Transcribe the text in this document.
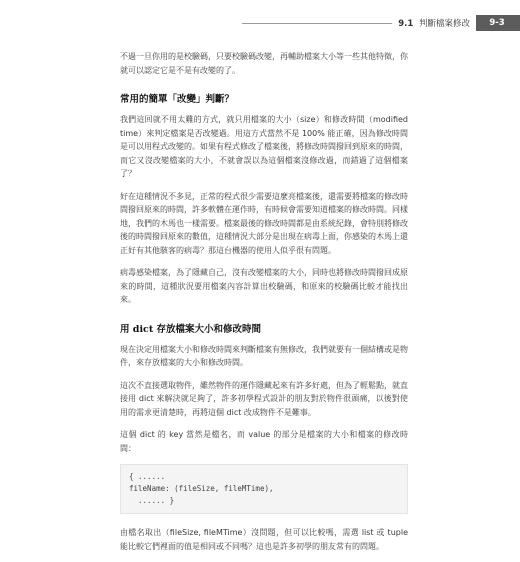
9.1 判斷檔案修改	9-3

不過一旦你用的是校驗碼，只要校驗碼改變，再輔助檔案大小等一些其他特徵，你就可以認定它是不是有改變的了。

常用的簡單「改變」判斷？

我們這回就不用太難的方式，就只用檔案的大小（size）和修改時間（modified time）來判定檔案是否改變過。用這方式當然不是 100% 能正確，因為修改時間是可以用程式改變的。如果有程式修改了檔案後，將修改時間撥回到原來的時間，而它又沒改變檔案的大小，不就會誤以為這個檔案沒修改過，而錯過了這個檔案了？

好在這種情況不多見，正常的程式很少需要這麼亮檔案後，還需要將檔案的修改時間撥回原來的時間，許多軟體在運作時，有時候會需要知道檔案的修改時間。同樣地，我們的木馬也一樣需要。檔案最後的修改時間都是由系統紀錄，會特別將修改後的時間撥回原來的數值，這種情況大部分是出現在病毒上面，你感染的木馬上還正好有其他駭客的病毒？那這台機器的使用人似乎很有問題。

病毒感染檔案，為了隱藏自己，沒有改變檔案的大小，同時也將修改時間撥回成原來的時間，這種狀況要用檔案內容計算出校驗碼，和原來的校驗碼比較才能找出來。

用 dict 存放檔案大小和修改時間

現在決定用檔案大小和修改時間來判斷檔案有無修改，我們就要有一個結構或是物件，來存放檔案的大小和修改時間。

這次不直接選取物件，雖然物件的運作隱藏起來有許多好處，但為了輕鬆點，就直接用 dict 來解決就足夠了，許多初學程式設計的朋友對於物件很頭痛，以後對使用的需求更清楚時，再將這個 dict 改成物件不是難事。

這個 dict 的 key 當然是檔名，而 value 的部分是檔案的大小和檔案的修改時間：

{ ......
fileName: (fileSize, fileMTime),
...... }

由檔名取出（fileSize, fileMTime）沒問題，但可以比較嗎，需選 list 或 tuple 能比較它們裡面的值是相同或不同嗎？這也是許多初學的朋友常有的問題。
